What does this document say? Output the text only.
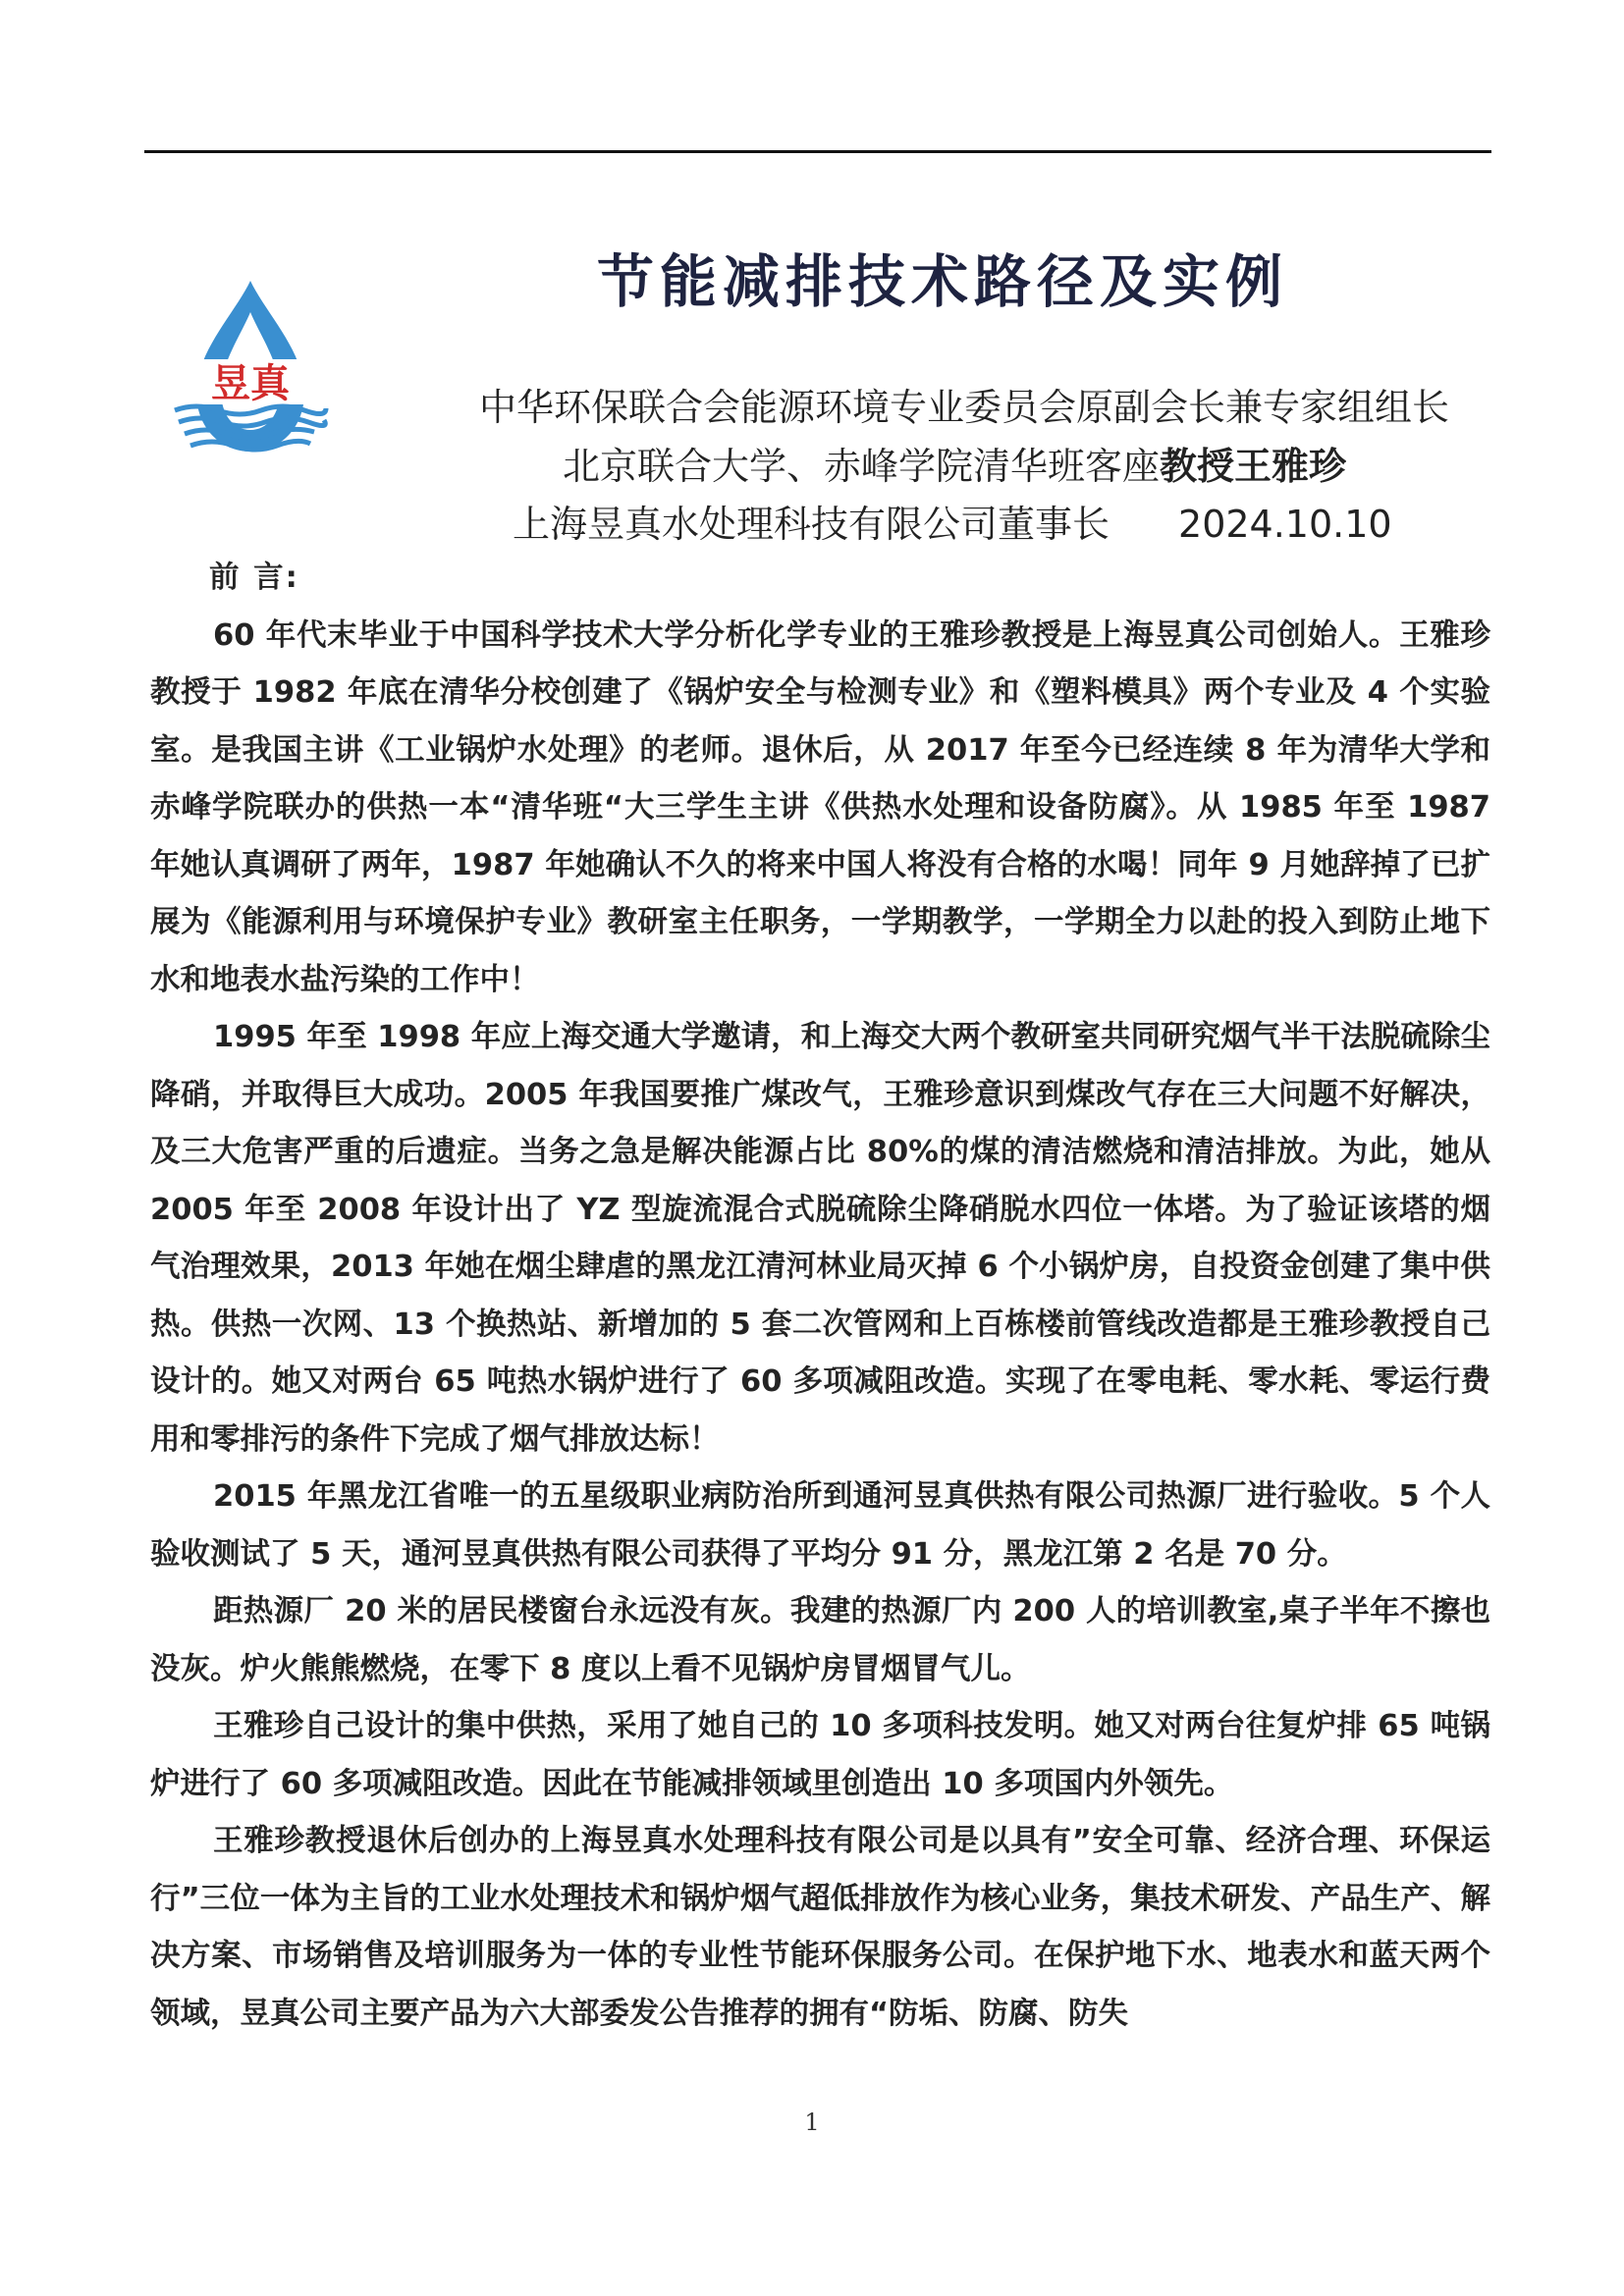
昱真
节能减排技术路径及实例
中华环保联合会能源环境专业委员会原副会长兼专家组组长
北京联合大学、赤峰学院清华班客座教授王雅珍
上海昱真水处理科技有限公司董事长 2024.10.10

前 言:

60 年代末毕业于中国科学技术大学分析化学专业的王雅珍教授是上海昱真公司创始人。王雅珍教授于 1982 年底在清华分校创建了《锅炉安全与检测专业》和《塑料模具》两个专业及 4 个实验室。是我国主讲《工业锅炉水处理》的老师。退休后，从 2017 年至今已经连续 8 年为清华大学和赤峰学院联办的供热一本“清华班“大三学生主讲《供热水处理和设备防腐》。从 1985 年至 1987 年她认真调研了两年，1987 年她确认不久的将来中国人将没有合格的水喝！同年 9 月她辞掉了已扩展为《能源利用与环境保护专业》教研室主任职务，一学期教学，一学期全力以赴的投入到防止地下水和地表水盐污染的工作中！

1995 年至 1998 年应上海交通大学邀请，和上海交大两个教研室共同研究烟气半干法脱硫除尘降硝，并取得巨大成功。2005 年我国要推广煤改气，王雅珍意识到煤改气存在三大问题不好解决，及三大危害严重的后遗症。当务之急是解决能源占比 80%的煤的清洁燃烧和清洁排放。为此，她从 2005 年至 2008 年设计出了 YZ 型旋流混合式脱硫除尘降硝脱水四位一体塔。为了验证该塔的烟气治理效果，2013 年她在烟尘肆虐的黑龙江清河林业局灭掉 6 个小锅炉房，自投资金创建了集中供热。供热一次网、13 个换热站、新增加的 5 套二次管网和上百栋楼前管线改造都是王雅珍教授自己设计的。她又对两台 65 吨热水锅炉进行了 60 多项减阻改造。实现了在零电耗、零水耗、零运行费用和零排污的条件下完成了烟气排放达标！

2015 年黑龙江省唯一的五星级职业病防治所到通河昱真供热有限公司热源厂进行验收。5 个人验收测试了 5 天，通河昱真供热有限公司获得了平均分 91 分，黑龙江第 2 名是 70 分。

距热源厂 20 米的居民楼窗台永远没有灰。我建的热源厂内 200 人的培训教室,桌子半年不擦也没灰。炉火熊熊燃烧，在零下 8 度以上看不见锅炉房冒烟冒气儿。

王雅珍自己设计的集中供热，采用了她自己的 10 多项科技发明。她又对两台往复炉排 65 吨锅炉进行了 60 多项减阻改造。因此在节能减排领域里创造出 10 多项国内外领先。

王雅珍教授退休后创办的上海昱真水处理科技有限公司是以具有”安全可靠、经济合理、环保运行”三位一体为主旨的工业水处理技术和锅炉烟气超低排放作为核心业务，集技术研发、产品生产、解决方案、市场销售及培训服务为一体的专业性节能环保服务公司。在保护地下水、地表水和蓝天两个领域，昱真公司主要产品为六大部委发公告推荐的拥有“防垢、防腐、防失

1
